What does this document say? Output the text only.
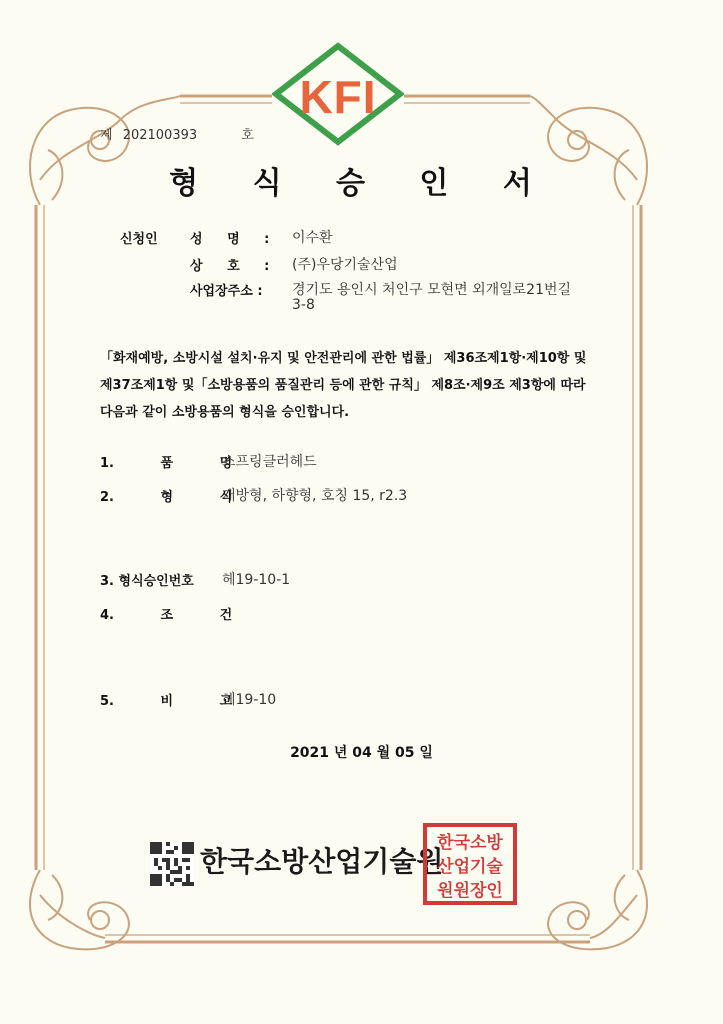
KFI
제 202100393	호
형 식 승 인 서
신청인 성 명 : 이수환
상 호 : (주)우당기술산업
사업장주소 : 경기도 용인시 처인구 모현면 외개일로21번길
3-8
「화재예방, 소방시설 설치·유지 및 안전관리에 관한 법률」 제36조제1항·제10항 및
제37조제1항 및「소방용품의 품질관리 등에 관한 규칙」 제8조·제9조 제3항에 따라
다음과 같이 소방용품의 형식을 승인합니다.
1. 품 명
스프링클러헤드
2. 형 식
개방형, 하향형, 호칭 15, r2.3
3. 형식승인번호 헤19-10-1
4. 조 건
5. 비 고
헤19-10
2021 년 04 월 05 일
한국소방산업기술원
한국소방
산업기술
원원장인
